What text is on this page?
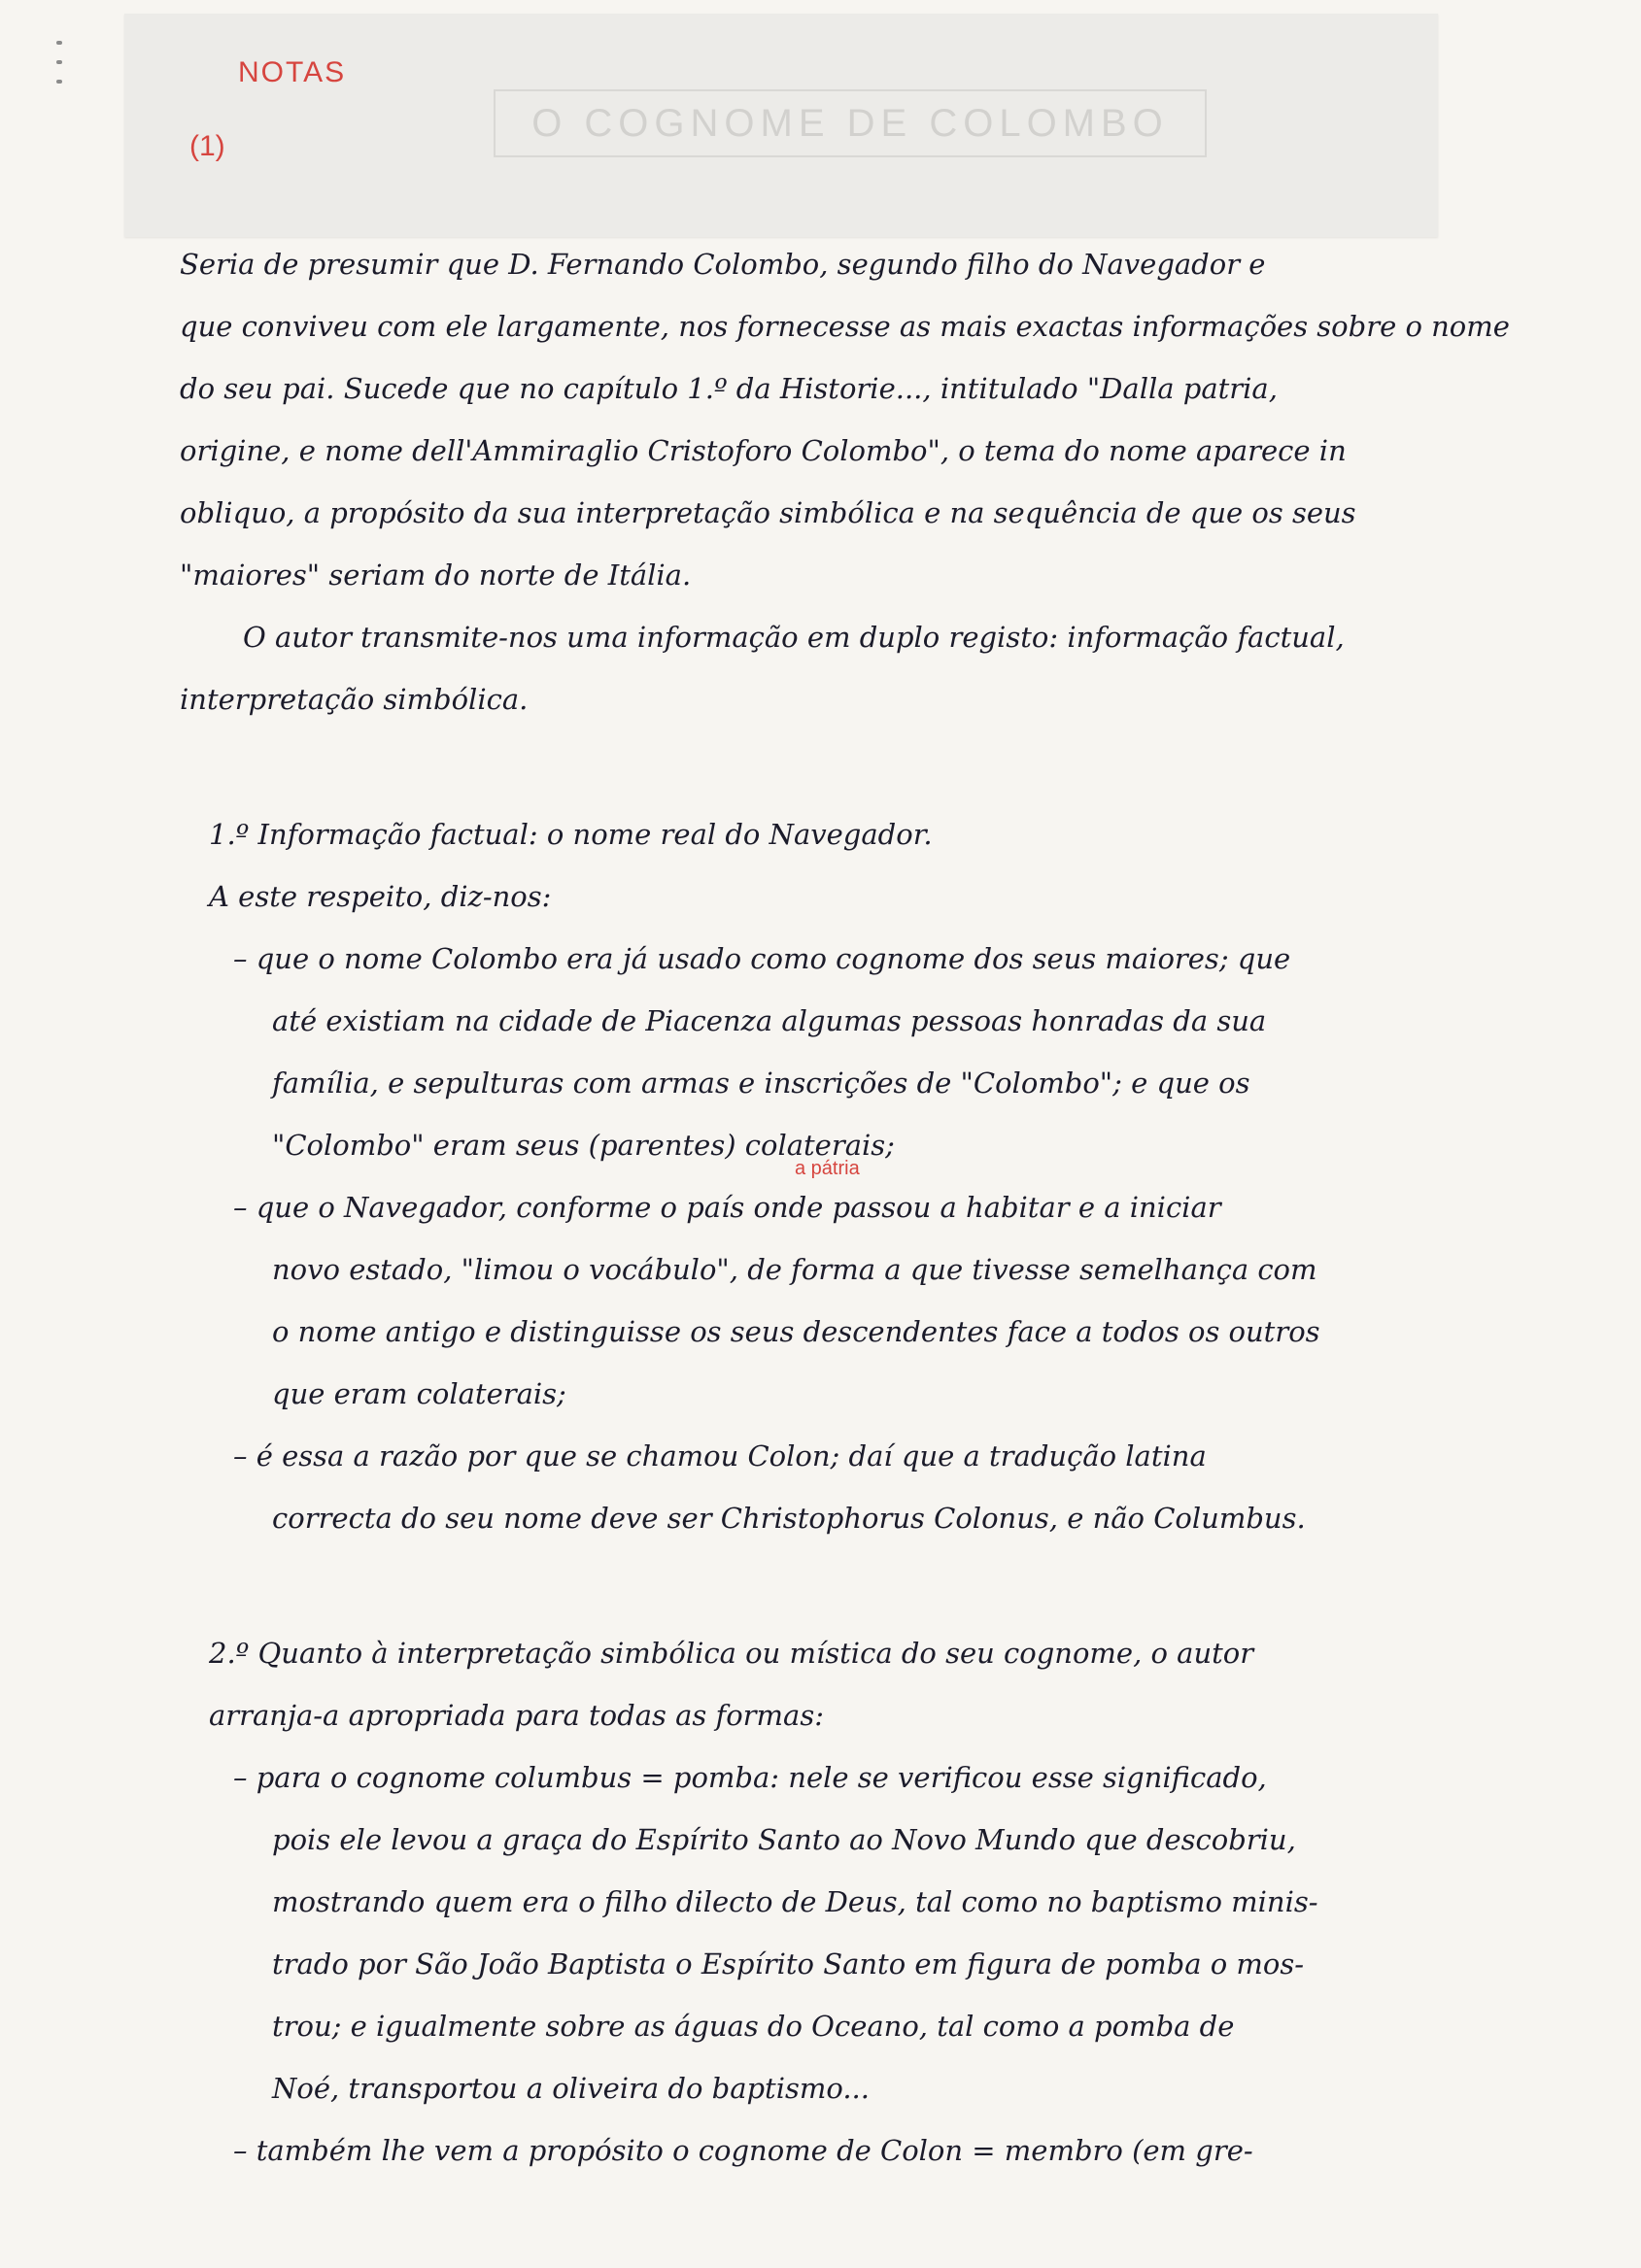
O COGNOME DE COLOMBO
NOTAS
(1)
a pátria
Seria de presumir que D. Fernando Colombo, segundo filho do Navegador e
que conviveu com ele largamente, nos fornecesse as mais exactas informações sobre o nome
do seu pai. Sucede que no capítulo 1.º da Historie..., intitulado "Dalla patria,
origine, e nome dell'Ammiraglio Cristoforo Colombo", o tema do nome aparece in
obliquo, a propósito da sua interpretação simbólica e na sequência de que os seus
"maiores" seriam do norte de Itália.
O autor transmite-nos uma informação em duplo registo: informação factual,
interpretação simbólica.
1.º Informação factual: o nome real do Navegador.
A este respeito, diz-nos:
– que o nome Colombo era já usado como cognome dos seus maiores; que
até existiam na cidade de Piacenza algumas pessoas honradas da sua
família, e sepulturas com armas e inscrições de "Colombo"; e que os
"Colombo" eram seus (parentes) colaterais;
– que o Navegador, conforme o país onde passou a habitar e a iniciar
novo estado, "limou o vocábulo", de forma a que tivesse semelhança com
o nome antigo e distinguisse os seus descendentes face a todos os outros
que eram colaterais;
– é essa a razão por que se chamou Colon; daí que a tradução latina
correcta do seu nome deve ser Christophorus Colonus, e não Columbus.
2.º Quanto à interpretação simbólica ou mística do seu cognome, o autor
arranja-a apropriada para todas as formas:
– para o cognome columbus = pomba: nele se verificou esse significado,
pois ele levou a graça do Espírito Santo ao Novo Mundo que descobriu,
mostrando quem era o filho dilecto de Deus, tal como no baptismo minis-
trado por São João Baptista o Espírito Santo em figura de pomba o mos-
trou; e igualmente sobre as águas do Oceano, tal como a pomba de
Noé, transportou a oliveira do baptismo...
– também lhe vem a propósito o cognome de Colon = membro (em gre-
